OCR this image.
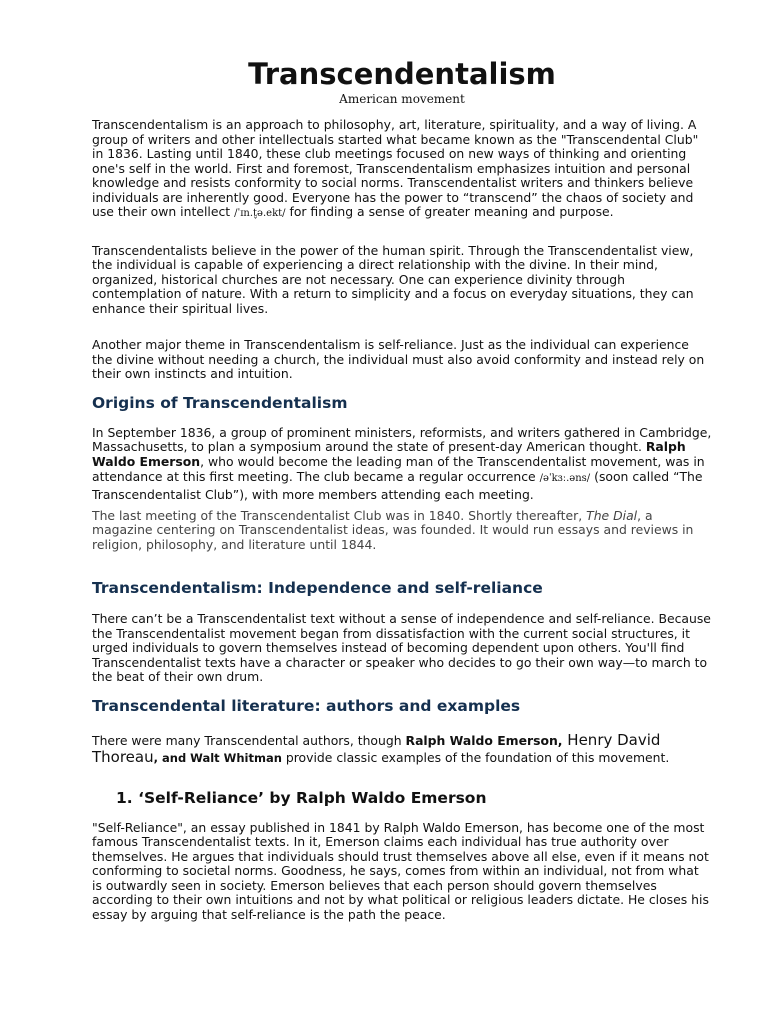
Transcendentalism
American movement

Transcendentalism is an approach to philosophy, art, literature, spirituality, and a way of living. A group of writers and other intellectuals started what became known as the "Transcendental Club" in 1836. Lasting until 1840, these club meetings focused on new ways of thinking and orienting one's self in the world. First and foremost, Transcendentalism emphasizes intuition and personal knowledge and resists conformity to social norms. Transcendentalist writers and thinkers believe individuals are inherently good. Everyone has the power to “transcend” the chaos of society and use their own intellect /ˈɪn.t̬ə.ekt/ for finding a sense of greater meaning and purpose.

Transcendentalists believe in the power of the human spirit. Through the Transcendentalist view, the individual is capable of experiencing a direct relationship with the divine. In their mind, organized, historical churches are not necessary. One can experience divinity through contemplation of nature. With a return to simplicity and a focus on everyday situations, they can enhance their spiritual lives.

Another major theme in Transcendentalism is self-reliance. Just as the individual can experience the divine without needing a church, the individual must also avoid conformity and instead rely on their own instincts and intuition.

Origins of Transcendentalism

In September 1836, a group of prominent ministers, reformists, and writers gathered in Cambridge, Massachusetts, to plan a symposium around the state of present-day American thought. Ralph Waldo Emerson, who would become the leading man of the Transcendentalist movement, was in attendance at this first meeting. The club became a regular occurrence /əˈkɜː.əns/ (soon called “The Transcendentalist Club”), with more members attending each meeting.

The last meeting of the Transcendentalist Club was in 1840. Shortly thereafter, The Dial, a magazine centering on Transcendentalist ideas, was founded. It would run essays and reviews in religion, philosophy, and literature until 1844.

Transcendentalism: Independence and self-reliance

There can’t be a Transcendentalist text without a sense of independence and self-reliance. Because the Transcendentalist movement began from dissatisfaction with the current social structures, it urged individuals to govern themselves instead of becoming dependent upon others. You'll find Transcendentalist texts have a character or speaker who decides to go their own way—to march to the beat of their own drum.

Transcendental literature: authors and examples

There were many Transcendental authors, though Ralph Waldo Emerson, Henry David Thoreau, and Walt Whitman provide classic examples of the foundation of this movement.

1. ‘Self-Reliance’ by Ralph Waldo Emerson

"Self-Reliance", an essay published in 1841 by Ralph Waldo Emerson, has become one of the most famous Transcendentalist texts. In it, Emerson claims each individual has true authority over themselves. He argues that individuals should trust themselves above all else, even if it means not conforming to societal norms. Goodness, he says, comes from within an individual, not from what is outwardly seen in society. Emerson believes that each person should govern themselves according to their own intuitions and not by what political or religious leaders dictate. He closes his essay by arguing that self-reliance is the path the peace.
